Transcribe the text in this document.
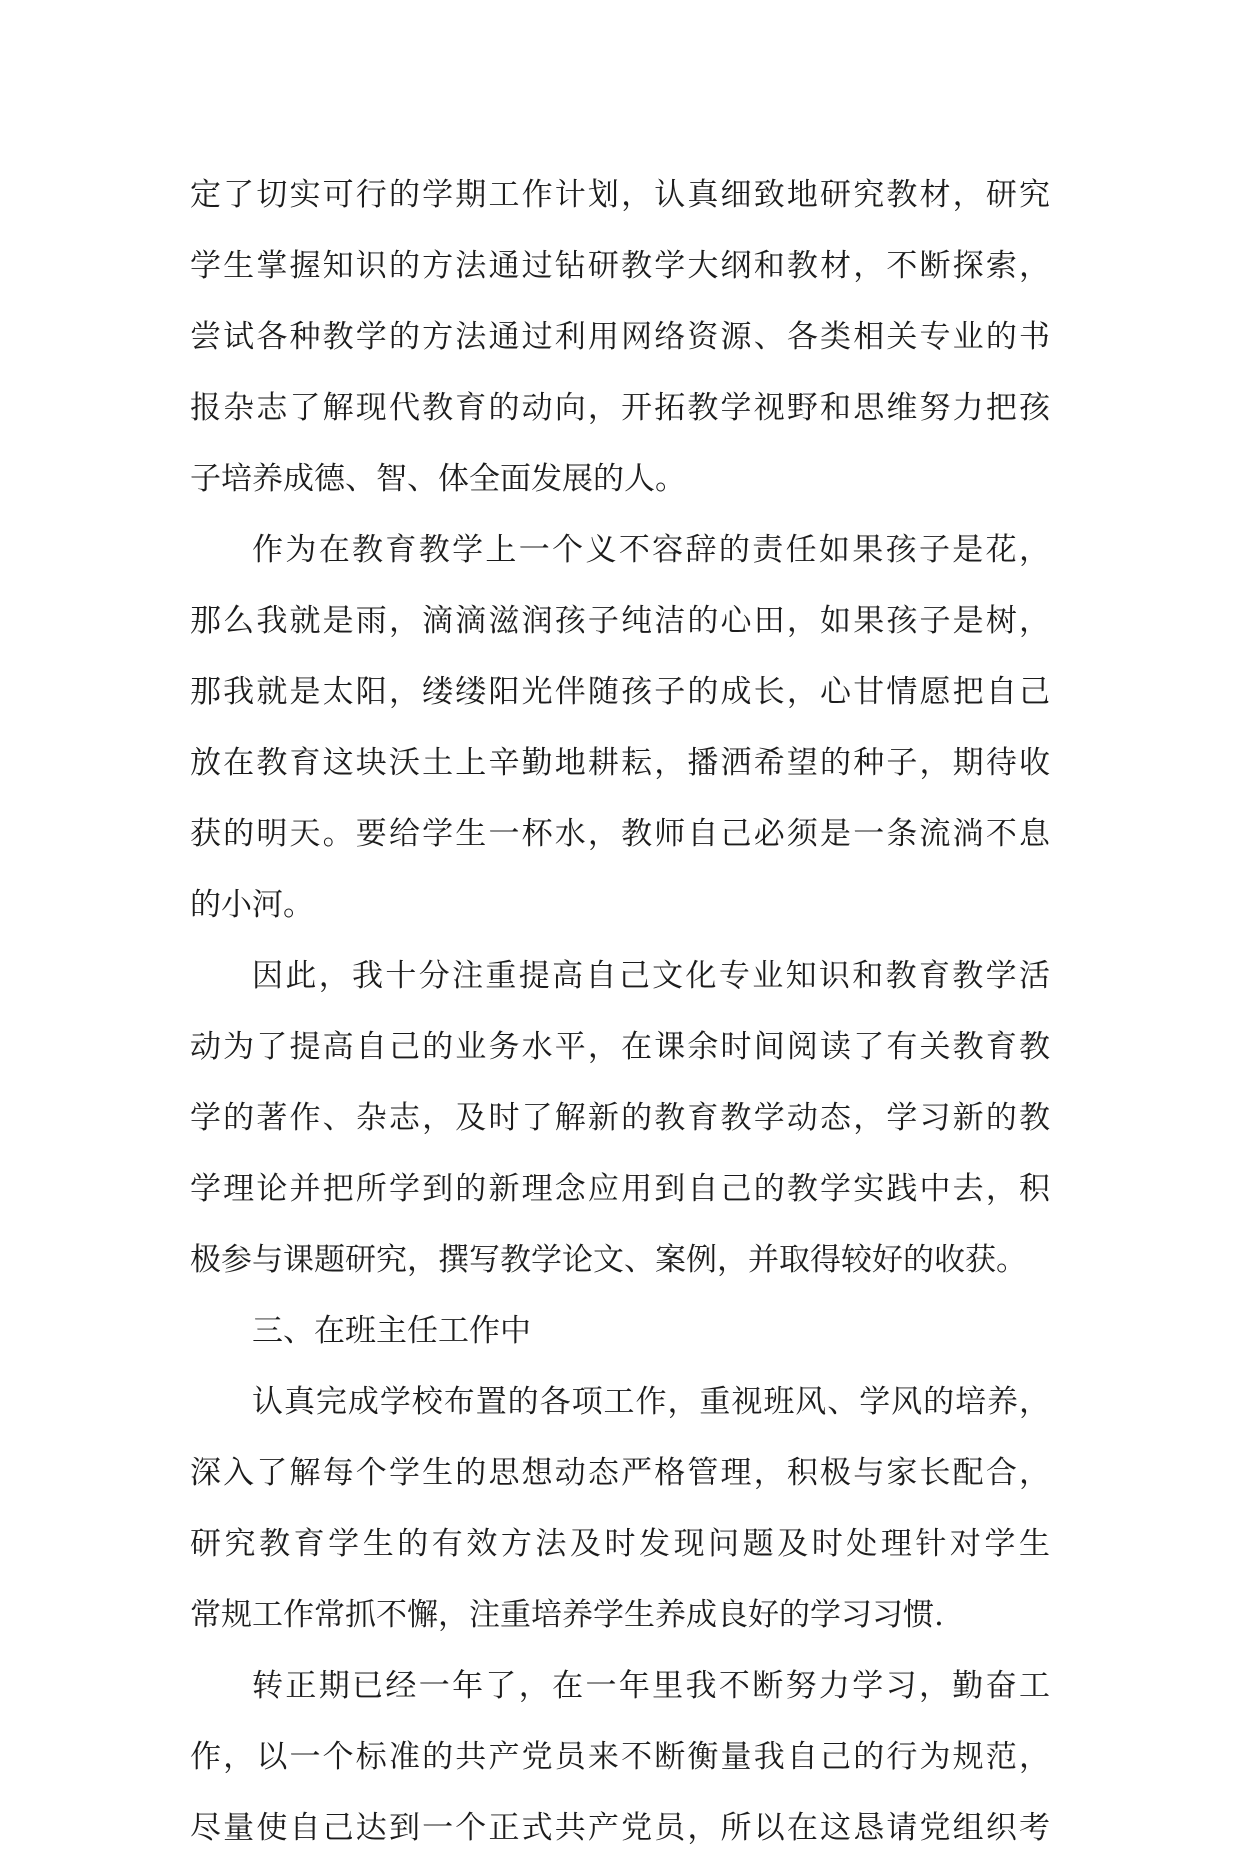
定了切实可行的学期工作计划，认真细致地研究教材，研究
学生掌握知识的方法通过钻研教学大纲和教材，不断探索，
尝试各种教学的方法通过利用网络资源、各类相关专业的书
报杂志了解现代教育的动向，开拓教学视野和思维努力把孩
子培养成德、智、体全面发展的人。
作为在教育教学上一个义不容辞的责任如果孩子是花，
那么我就是雨，滴滴滋润孩子纯洁的心田，如果孩子是树，
那我就是太阳，缕缕阳光伴随孩子的成长，心甘情愿把自己
放在教育这块沃土上辛勤地耕耘，播洒希望的种子，期待收
获的明天。要给学生一杯水，教师自己必须是一条流淌不息
的小河。
因此，我十分注重提高自己文化专业知识和教育教学活
动为了提高自己的业务水平，在课余时间阅读了有关教育教
学的著作、杂志，及时了解新的教育教学动态，学习新的教
学理论并把所学到的新理念应用到自己的教学实践中去，积
极参与课题研究，撰写教学论文、案例，并取得较好的收获。
三、在班主任工作中
认真完成学校布置的各项工作，重视班风、学风的培养，
深入了解每个学生的思想动态严格管理，积极与家长配合，
研究教育学生的有效方法及时发现问题及时处理针对学生
常规工作常抓不懈，注重培养学生养成良好的学习习惯.
转正期已经一年了，在一年里我不断努力学习，勤奋工
作，以一个标准的共产党员来不断衡量我自己的行为规范，
尽量使自己达到一个正式共产党员，所以在这恳请党组织考
